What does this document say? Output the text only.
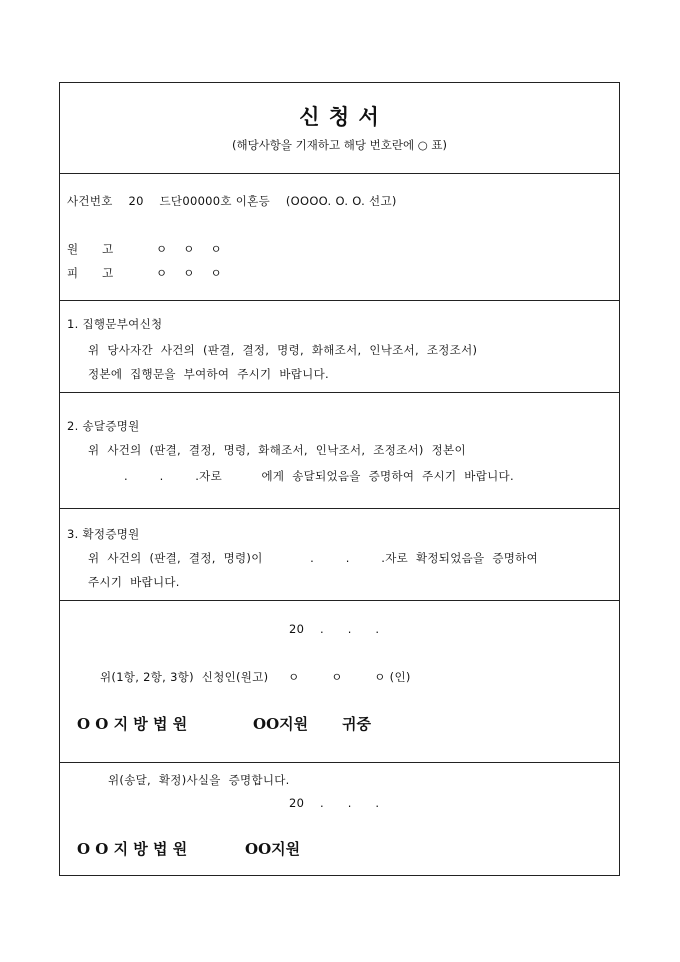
신 청 서
(해당사항을 기재하고 해당 번호란에 ○ 표)
사건번호    20    드단00000호 이혼등    (OOOO. O. O. 선고)
원      고	ㅇ    ㅇ    ㅇ
피      고	ㅇ    ㅇ    ㅇ
1. 집행문부여신청
위  당사자간  사건의  (판결,  결정,  명령,  화해조서,  인낙조서,  조정조서)
정본에  집행문을  부여하여  주시기  바랍니다.
2. 송달증명원
위  사건의  (판결,  결정,  명령,  화해조서,  인낙조서,  조정조서)  정본이
.        .        .자로          에게  송달되었음을  증명하여  주시기  바랍니다.
3. 확정증명원
위  사건의  (판결,  결정,  명령)이            .        .        .자로  확정되었음을  증명하여
주시기  바랍니다.
20    .      .      .
위(1항, 2항, 3항)  신청인(원고)     ㅇ        ㅇ        ㅇ (인)
O O 지 방 법 원	OO지원 귀중
위(송달,  확정)사실을  증명합니다.
20    .      .      .
O O 지 방 법 원	OO지원
